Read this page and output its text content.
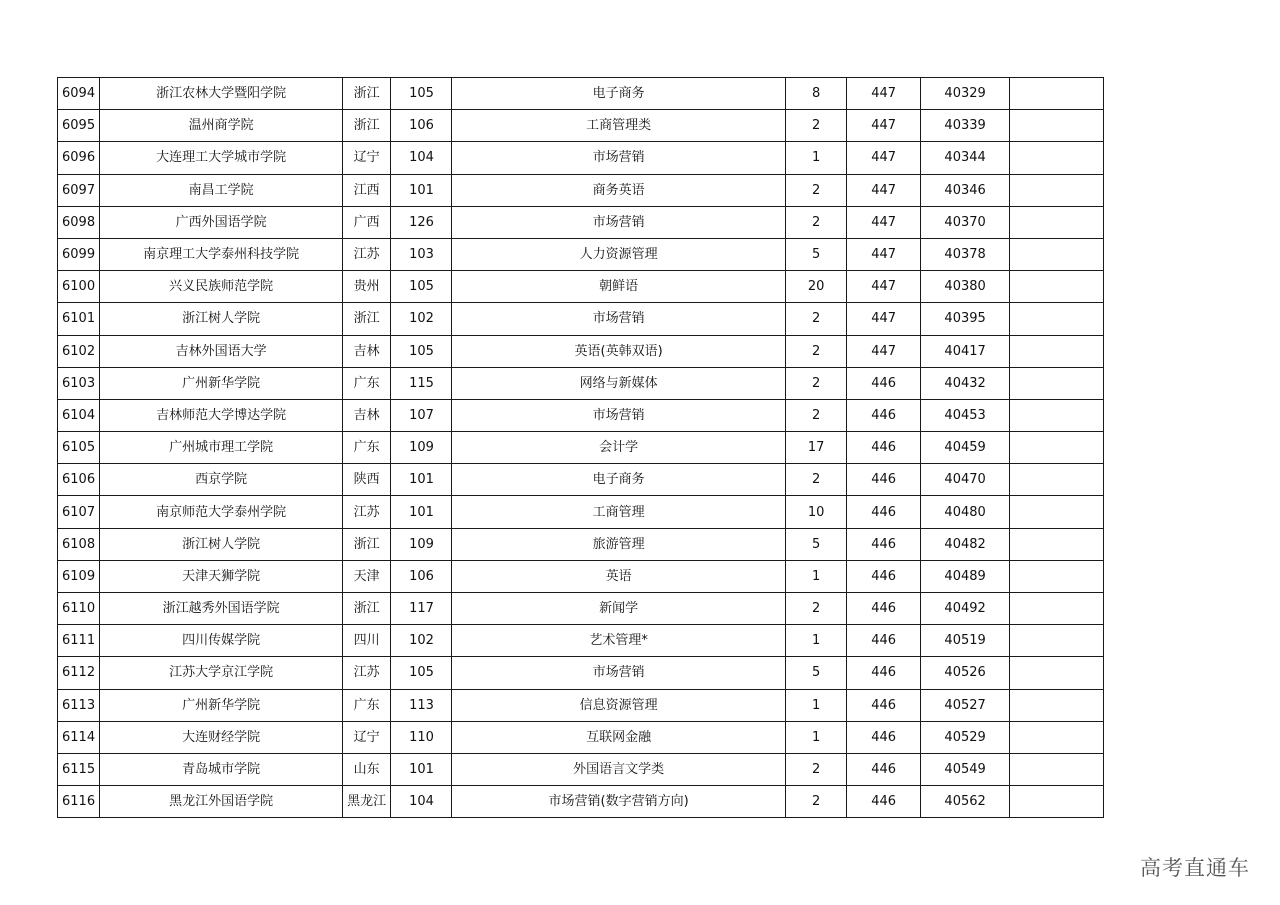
6094	浙江农林大学暨阳学院	浙江	105	电子商务	8	447	40329	
6095	温州商学院	浙江	106	工商管理类	2	447	40339	
6096	大连理工大学城市学院	辽宁	104	市场营销	1	447	40344	
6097	南昌工学院	江西	101	商务英语	2	447	40346	
6098	广西外国语学院	广西	126	市场营销	2	447	40370	
6099	南京理工大学泰州科技学院	江苏	103	人力资源管理	5	447	40378	
6100	兴义民族师范学院	贵州	105	朝鲜语	20	447	40380	
6101	浙江树人学院	浙江	102	市场营销	2	447	40395	
6102	吉林外国语大学	吉林	105	英语(英韩双语)	2	447	40417	
6103	广州新华学院	广东	115	网络与新媒体	2	446	40432	
6104	吉林师范大学博达学院	吉林	107	市场营销	2	446	40453	
6105	广州城市理工学院	广东	109	会计学	17	446	40459	
6106	西京学院	陕西	101	电子商务	2	446	40470	
6107	南京师范大学泰州学院	江苏	101	工商管理	10	446	40480	
6108	浙江树人学院	浙江	109	旅游管理	5	446	40482	
6109	天津天狮学院	天津	106	英语	1	446	40489	
6110	浙江越秀外国语学院	浙江	117	新闻学	2	446	40492	
6111	四川传媒学院	四川	102	艺术管理*	1	446	40519	
6112	江苏大学京江学院	江苏	105	市场营销	5	446	40526	
6113	广州新华学院	广东	113	信息资源管理	1	446	40527	
6114	大连财经学院	辽宁	110	互联网金融	1	446	40529	
6115	青岛城市学院	山东	101	外国语言文学类	2	446	40549	
6116	黑龙江外国语学院	黑龙江	104	市场营销(数字营销方向)	2	446	40562	
高考直通车
